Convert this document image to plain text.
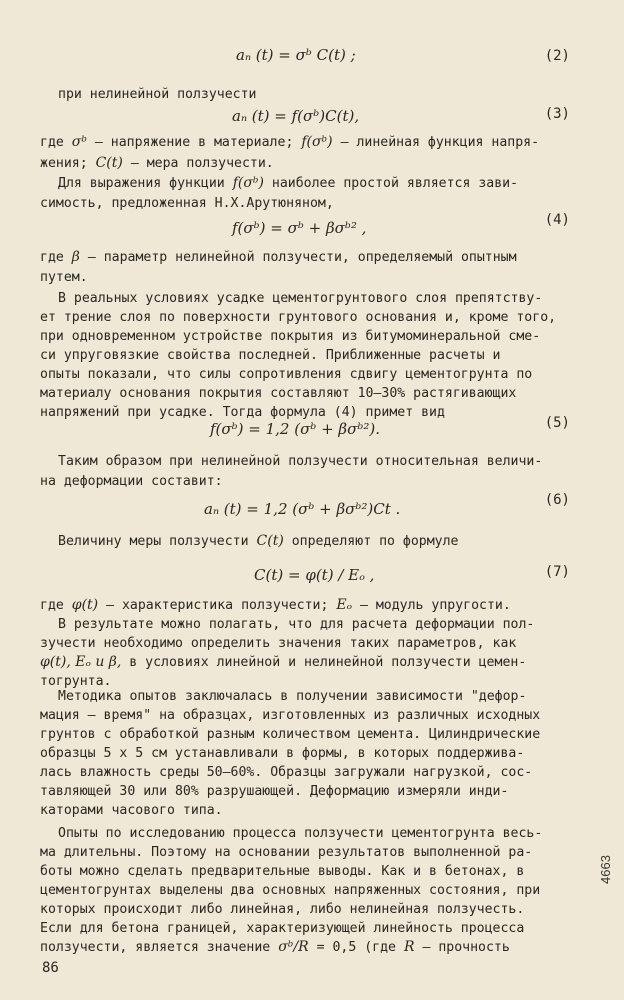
aₙ (t) = σᵇ C(t) ;	(2)
при нелинейной ползучести
aₙ (t) = f(σᵇ)C(t),	(3)
где σᵇ – напряжение в материале; f(σᵇ) – линейная функция напря-
жения; C(t) – мера ползучести.
Для выражения функции f(σᵇ) наиболее простой является зави-
симость, предложенная Н.Х.Арутюняном,
f(σᵇ) = σᵇ + βσᵇ² ,	(4)
где β – параметр нелинейной ползучести, определяемый опытным
путем.
В реальных условиях усадке цементогрунтового слоя препятству-
ет трение слоя по поверхности грунтового основания и, кроме того,
при одновременном устройстве покрытия из битумоминеральной сме-
си упруговязкие свойства последней. Приближенные расчеты и
опыты показали, что силы сопротивления сдвигу цементогрунта по
материалу основания покрытия составляют 10–30% растягивающих
напряжений при усадке. Тогда формула (4) примет вид
f(σᵇ) = 1,2 (σᵇ + βσᵇ²).	(5)
Таким образом при нелинейной ползучести относительная величи-
на деформации составит:
aₙ (t) = 1,2 (σᵇ + βσᵇ²)Ct .	(6)
Величину меры ползучести C(t) определяют по формуле
C(t) = φ(t) / Eₒ ,	(7)
где φ(t) – характеристика ползучести; Eₒ – модуль упругости.
В результате можно полагать, что для расчета деформации пол-
зучести необходимо определить значения таких параметров, как
φ(t), Eₒ и β, в условиях линейной и нелинейной ползучести цемен-
тогрунта.
Методика опытов заключалась в получении зависимости "дефор-
мация – время" на образцах, изготовленных из различных исходных
грунтов с обработкой разным количеством цемента. Цилиндрические
образцы 5 х 5 см устанавливали в формы, в которых поддержива-
лась влажность среды 50–60%. Образцы загружали нагрузкой, сос-
тавляющей 30 или 80% разрушающей. Деформацию измеряли инди-
каторами часового типа.
Опыты по исследованию процесса ползучести цементогрунта весь-
ма длительны. Поэтому на основании результатов выполненной ра-
боты можно сделать предварительные выводы. Как и в бетонах, в
цементогрунтах выделены два основных напряженных состояния, при
которых происходит либо линейная, либо нелинейная ползучесть.
Если для бетона границей, характеризующей линейность процесса
ползучести, является значение σᵇ/R = 0,5 (где R – прочность
86
4663
